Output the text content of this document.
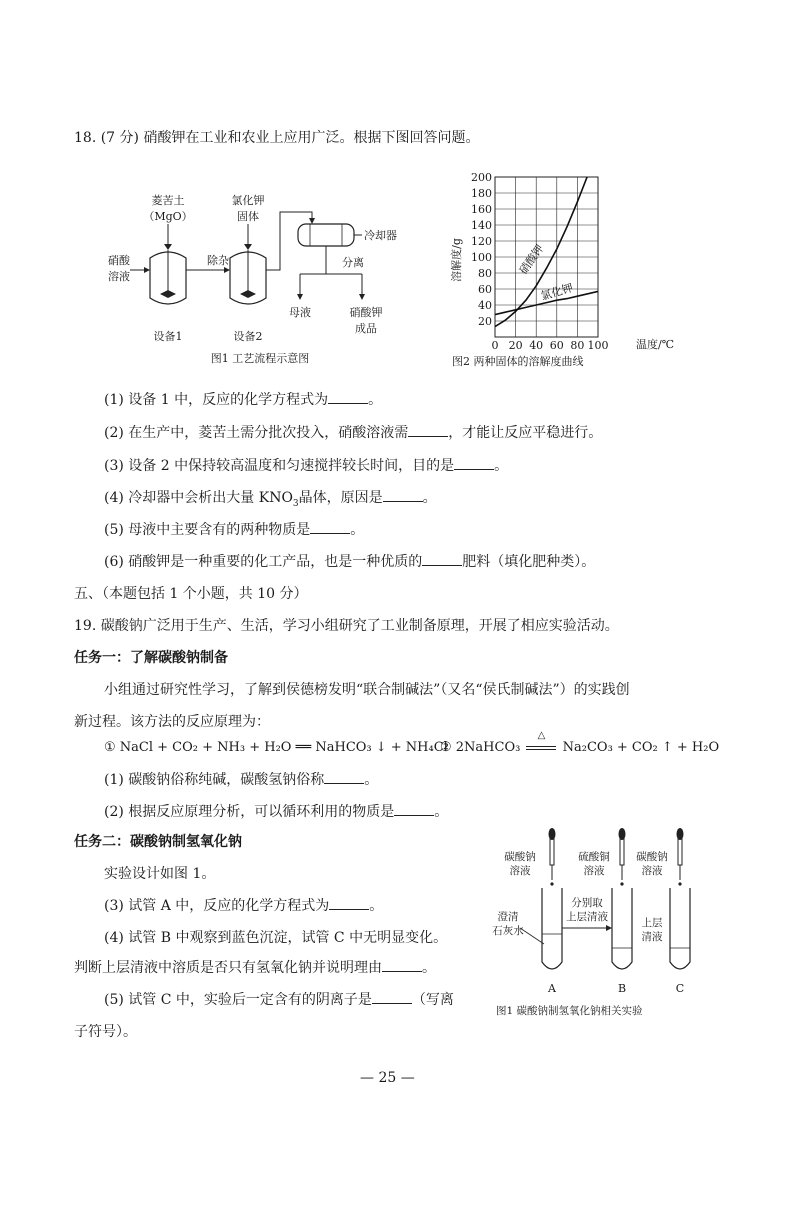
18. (7 分) 硝酸钾在工业和农业上应用广泛。根据下图回答问题。
菱苦土
（MgO）
氯化钾
固体
硝酸
溶液
除杂
冷却器
分离
母液	硝酸钾
成品
设备1	设备2
图1 工艺流程示意图
溶解度/g
20
40
60
80
100
120
140
160
180
200
0 20 40 60 80 100	温度/℃
硝酸钾
氯化钾
图2 两种固体的溶解度曲线
(1) 设备 1 中，反应的化学方程式为	。
(2) 在生产中，菱苦土需分批次投入，硝酸溶液需	，才能让反应平稳进行。
(3) 设备 2 中保持较高温度和匀速搅拌较长时间，目的是	。
(4) 冷却器中会析出大量 $KNO_3$晶体，原因是	。
(5) 母液中主要含有的两种物质是	。
(6) 硝酸钾是一种重要的化工产品，也是一种优质的	肥料（填化肥种类）。
五、（本题包括 1 个小题，共 10 分）
19. 碳酸钠广泛用于生产、生活，学习小组研究了工业制备原理，开展了相应实验活动。
任务一：了解碳酸钠制备
小组通过研究性学习，了解到侯德榜发明“联合制碱法”（又名“侯氏制碱法”）的实践创
新过程。该方法的反应原理为：
① NaCl + CO₂ + NH₃ + H₂O ══ NaHCO₃ ↓ + NH₄Cl
② 2NaHCO₃
△
Na₂CO₃ + CO₂ ↑ + H₂O
(1) 碳酸钠俗称纯碱，碳酸氢钠俗称	。
(2) 根据反应原理分析，可以循环利用的物质是	。
任务二：碳酸钠制氢氧化钠
实验设计如图 1。
(3) 试管 A 中，反应的化学方程式为	。
(4) 试管 B 中观察到蓝色沉淀，试管 C 中无明显变化。
判断上层清液中溶质是否只有氢氧化钠并说明理由	。
(5) 试管 C 中，实验后一定含有的阴离子是	（写离
子符号）。
碳酸钠
溶液
硫酸铜
溶液
碳酸钠
溶液
澄清
石灰水
分别取
上层清液	上层
清液
A	B	C
图1 碳酸钠制氢氧化钠相关实验
— 25 —
